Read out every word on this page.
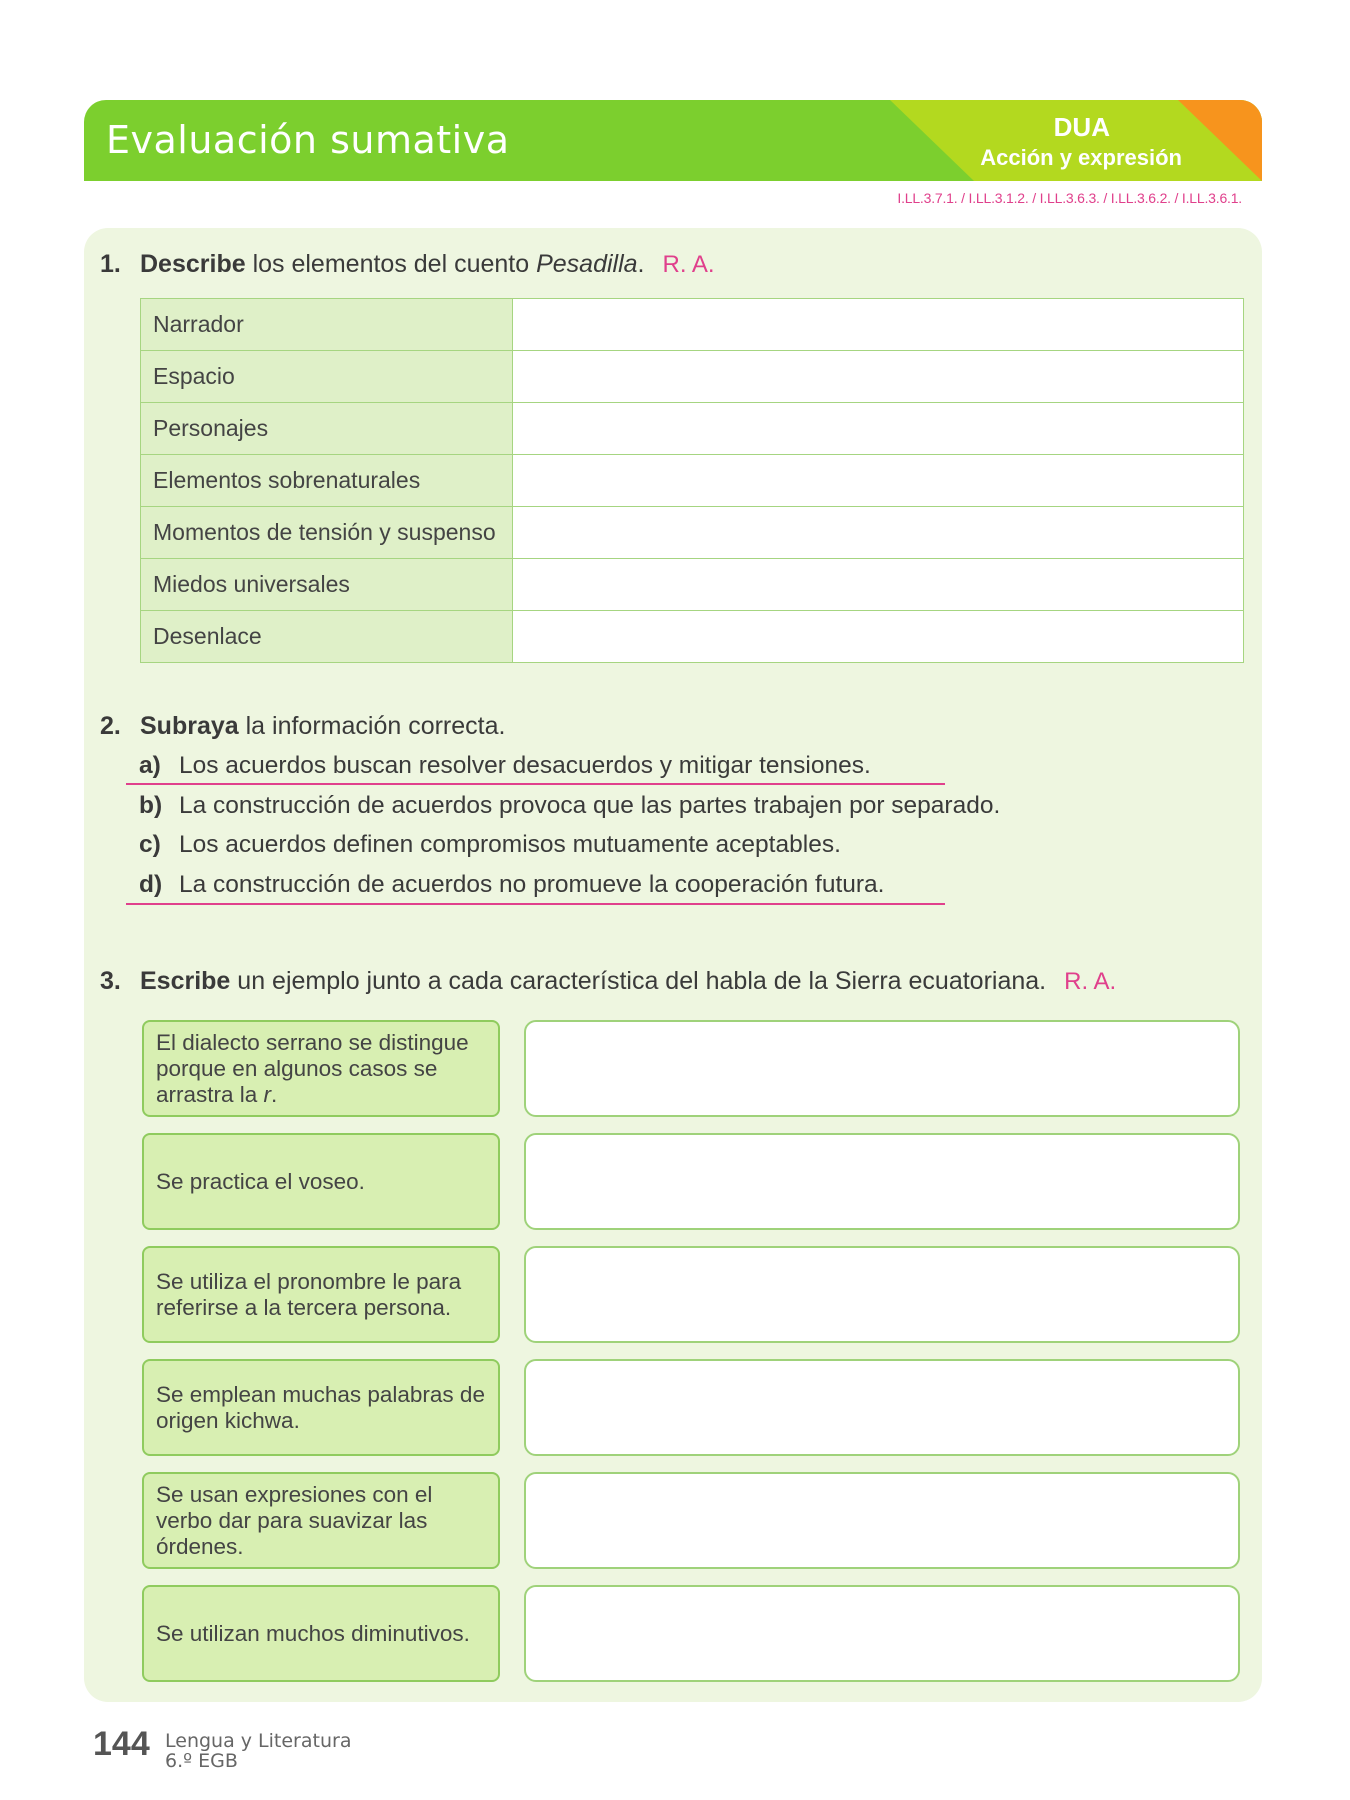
Evaluación sumativa	DUA
Acción y expresión
I.LL.3.7.1. / I.LL.3.1.2. / I.LL.3.6.3. / I.LL.3.6.2. / I.LL.3.6.1.
1. Describe los elementos del cuento Pesadilla. R. A.
Narrador	
Espacio	
Personajes	
Elementos sobrenaturales	
Momentos de tensión y suspenso	
Miedos universales	
Desenlace	
2. Subraya la información correcta.
a) Los acuerdos buscan resolver desacuerdos y mitigar tensiones.
b) La construcción de acuerdos provoca que las partes trabajen por separado.
c) Los acuerdos definen compromisos mutuamente aceptables.
d) La construcción de acuerdos no promueve la cooperación futura.
3. Escribe un ejemplo junto a cada característica del habla de la Sierra ecuatoriana. R. A.
El dialecto serrano se distingue porque en algunos casos se arrastra la r.
Se practica el voseo.
Se utiliza el pronombre le para referirse a la tercera persona.
Se emplean muchas palabras de origen kichwa.
Se usan expresiones con el verbo dar para suavizar las órdenes.
Se utilizan muchos diminutivos.
144 Lengua y Literatura
6.º EGB
